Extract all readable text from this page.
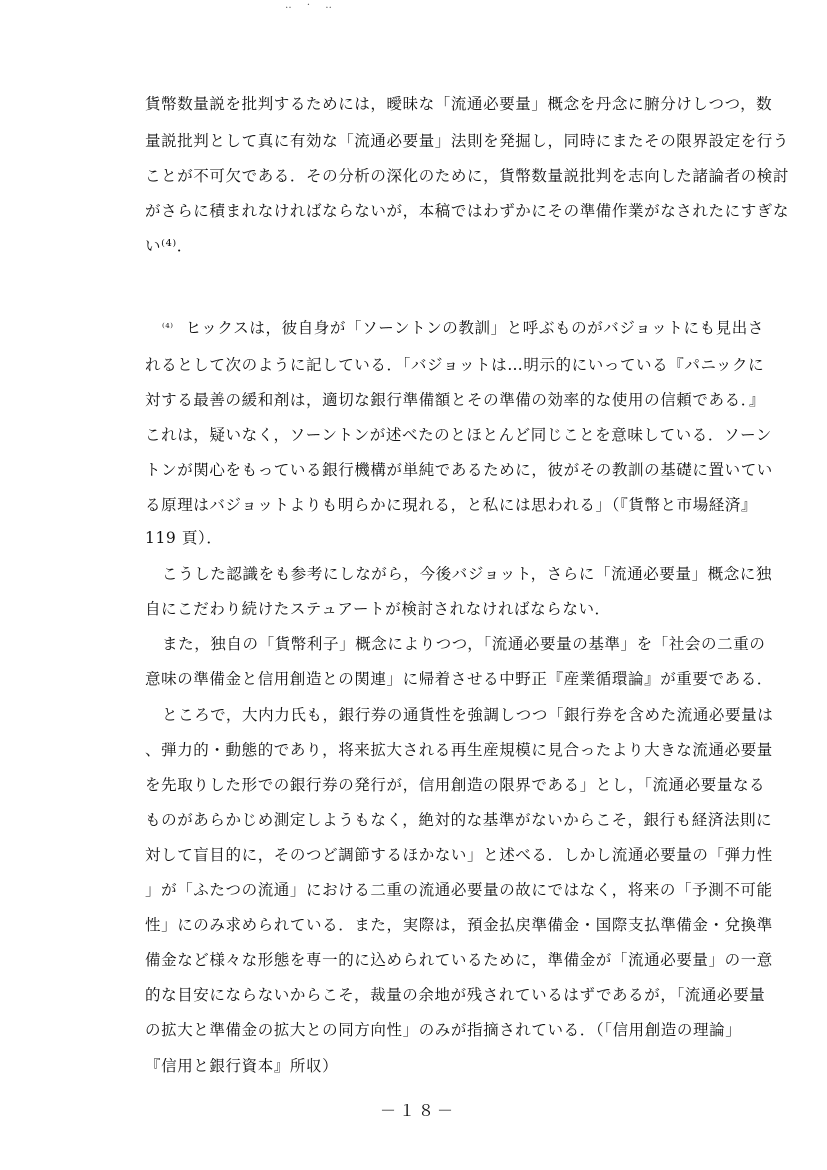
‥ · ‥
貨幣数量説を批判するためには，曖昧な「流通必要量」概念を丹念に腑分けしつつ，数
量説批判として真に有効な「流通必要量」法則を発掘し，同時にまたその限界設定を行う
ことが不可欠である．その分析の深化のために，貨幣数量説批判を志向した諸論者の検討
がさらに積まれなければならないが，本稿ではわずかにその準備作業がなされたにすぎな
い⁽⁴⁾．
$^{^{(4)}}$ ヒックスは，彼自身が「ソーントンの教訓」と呼ぶものがバジョットにも見出さ
れるとして次のように記している．「バジョットは…明示的にいっている『パニックに
対する最善の緩和剤は，適切な銀行準備額とその準備の効率的な使用の信頼である．』
これは，疑いなく，ソーントンが述べたのとほとんど同じことを意味している．ソーン
トンが関心をもっている銀行機構が単純であるために，彼がその教訓の基礎に置いてい
る原理はバジョットよりも明らかに現れる，と私には思われる」（『貨幣と市場経済』
119 頁）．
こうした認識をも参考にしながら，今後バジョット，さらに「流通必要量」概念に独
自にこだわり続けたステュアートが検討されなければならない．
また，独自の「貨幣利子」概念によりつつ，「流通必要量の基準」を「社会の二重の
意味の準備金と信用創造との関連」に帰着させる中野正『産業循環論』が重要である．
ところで，大内力氏も，銀行券の通貨性を強調しつつ「銀行券を含めた流通必要量は
、弾力的・動態的であり，将来拡大される再生産規模に見合ったより大きな流通必要量
を先取りした形での銀行券の発行が，信用創造の限界である」とし，「流通必要量なる
ものがあらかじめ測定しようもなく，絶対的な基準がないからこそ，銀行も経済法則に
対して盲目的に，そのつど調節するほかない」と述べる．しかし流通必要量の「弾力性
」が「ふたつの流通」における二重の流通必要量の故にではなく，将来の「予測不可能
性」にのみ求められている．また，実際は，預金払戻準備金・国際支払準備金・兌換準
備金など様々な形態を専一的に込められているために，準備金が「流通必要量」の一意
的な目安にならないからこそ，裁量の余地が残されているはずであるが，「流通必要量
の拡大と準備金の拡大との同方向性」のみが指摘されている．（「信用創造の理論」
『信用と銀行資本』所収）
－１８－
